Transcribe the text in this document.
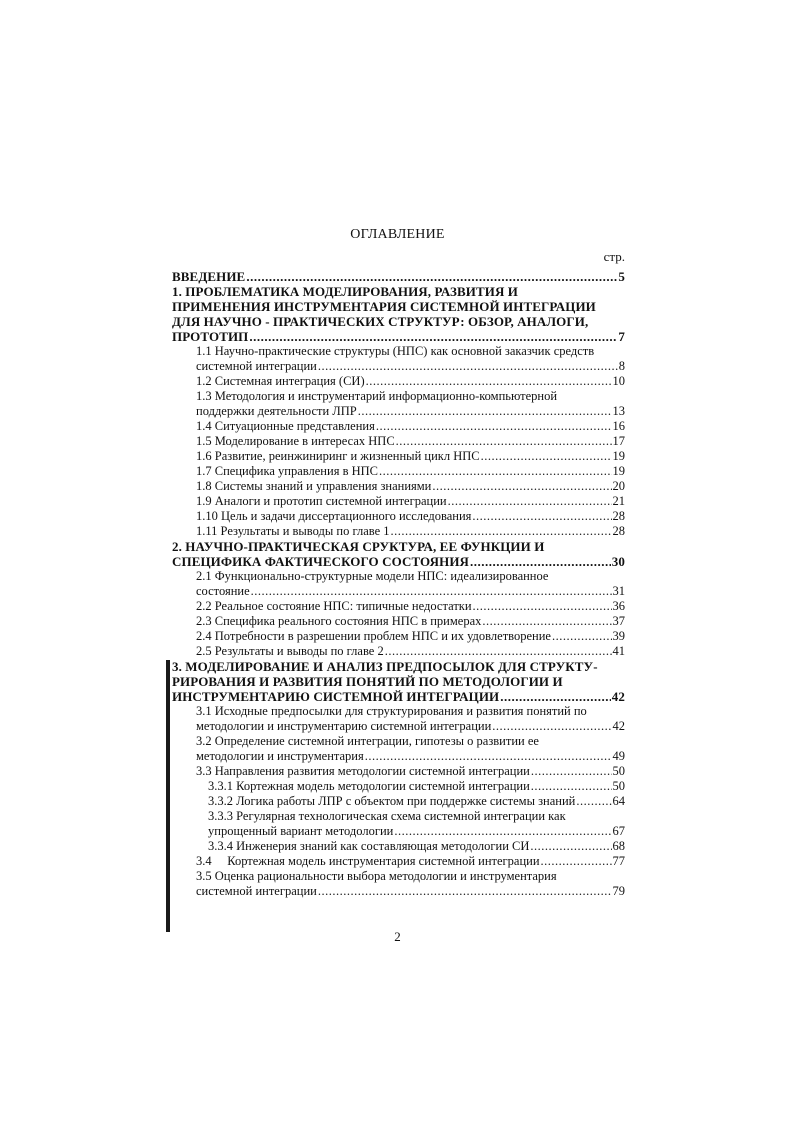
ОГЛАВЛЕНИЕ
стр.
ВВЕДЕНИЕ .....	5
1. ПРОБЛЕМАТИКА МОДЕЛИРОВАНИЯ, РАЗВИТИЯ И
ПРИМЕНЕНИЯ ИНСТРУМЕНТАРИЯ СИСТЕМНОЙ ИНТЕГРАЦИИ
ДЛЯ НАУЧНО - ПРАКТИЧЕСКИХ СТРУКТУР: ОБЗОР, АНАЛОГИ,
ПРОТОТИП .....	7
1.1 Научно-практические структуры (НПС) как основной заказчик средств
системной интеграции .....	8
1.2 Системная интеграция (СИ) .....	10
1.3 Методология и инструментарий информационно-компьютерной
поддержки деятельности ЛПР .....	13
1.4 Ситуационные представления .....	16
1.5 Моделирование в интересах НПС .....	17
1.6 Развитие, реинжиниринг и жизненный цикл НПС .....	19
1.7 Специфика управления в НПС .....	19
1.8 Системы знаний и управления знаниями .....	20
1.9 Аналоги и прототип системной интеграции .....	21
1.10 Цель и задачи диссертационного исследования .....	28
1.11 Результаты и выводы по главе 1 .....	28
2. НАУЧНО-ПРАКТИЧЕСКАЯ СРУКТУРА, ЕЕ ФУНКЦИИ И
СПЕЦИФИКА ФАКТИЧЕСКОГО СОСТОЯНИЯ .....	30
2.1 Функционально-структурные модели НПС: идеализированное
состояние .....	31
2.2 Реальное состояние НПС: типичные недостатки .....	36
2.3 Специфика реального состояния НПС в примерах .....	37
2.4 Потребности в разрешении проблем НПС и их удовлетворение .....	39
2.5 Результаты и выводы по главе 2 .....	41
3. МОДЕЛИРОВАНИЕ И АНАЛИЗ ПРЕДПОСЫЛОК ДЛЯ СТРУКТУ-
РИРОВАНИЯ И РАЗВИТИЯ ПОНЯТИЙ ПО МЕТОДОЛОГИИ И
ИНСТРУМЕНТАРИЮ СИСТЕМНОЙ ИНТЕГРАЦИИ .....	42
3.1 Исходные предпосылки для структурирования и развития понятий по
методологии и инструментарию системной интеграции .....	42
3.2 Определение системной интеграции, гипотезы о развитии ее
методологии и инструментария .....	49
3.3 Направления развития методологии системной интеграции .....	50
3.3.1 Кортежная модель методологии системной интеграции .....	50
3.3.2 Логика работы ЛПР с объектом при поддержке системы знаний .....	64
3.3.3 Регулярная технологическая схема системной интеграции как
упрощенный вариант методологии .....	67
3.3.4 Инженерия знаний как составляющая методологии СИ .....	68
3.4     Кортежная модель инструментария системной интеграции .....	77
3.5 Оценка рациональности выбора методологии и инструментария
системной интеграции .....	79
2
